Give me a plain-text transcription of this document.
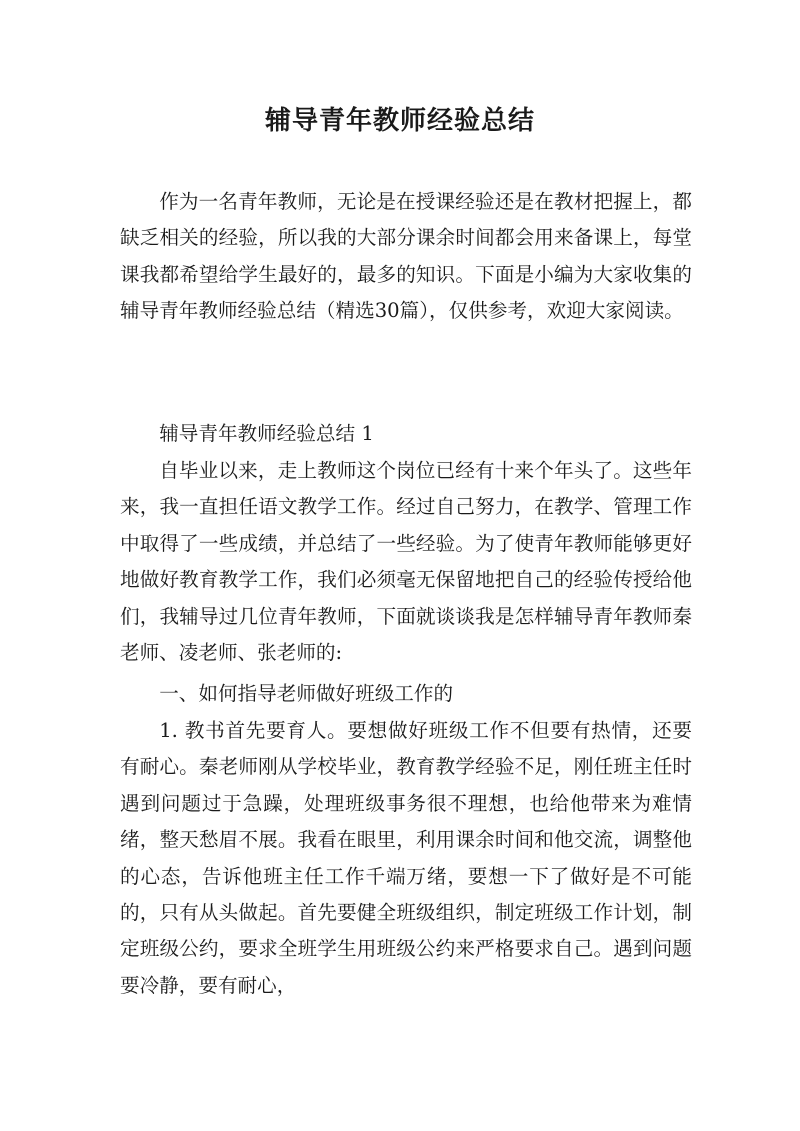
辅导青年教师经验总结

作为一名青年教师，无论是在授课经验还是在教材把握上，都缺乏相关的经验，所以我的大部分课余时间都会用来备课上，每堂课我都希望给学生最好的，最多的知识。下面是小编为大家收集的辅导青年教师经验总结（精选30篇），仅供参考，欢迎大家阅读。

辅导青年教师经验总结 1

自毕业以来，走上教师这个岗位已经有十来个年头了。这些年来，我一直担任语文教学工作。经过自己努力，在教学、管理工作中取得了一些成绩，并总结了一些经验。为了使青年教师能够更好地做好教育教学工作，我们必须毫无保留地把自己的经验传授给他们，我辅导过几位青年教师，下面就谈谈我是怎样辅导青年教师秦老师、凌老师、张老师的:

一、如何指导老师做好班级工作的

1. 教书首先要育人。要想做好班级工作不但要有热情，还要有耐心。秦老师刚从学校毕业，教育教学经验不足，刚任班主任时遇到问题过于急躁，处理班级事务很不理想，也给他带来为难情绪，整天愁眉不展。我看在眼里，利用课余时间和他交流，调整他的心态，告诉他班主任工作千端万绪，要想一下了做好是不可能的，只有从头做起。首先要健全班级组织，制定班级工作计划，制定班级公约，要求全班学生用班级公约来严格要求自己。遇到问题要冷静，要有耐心，
